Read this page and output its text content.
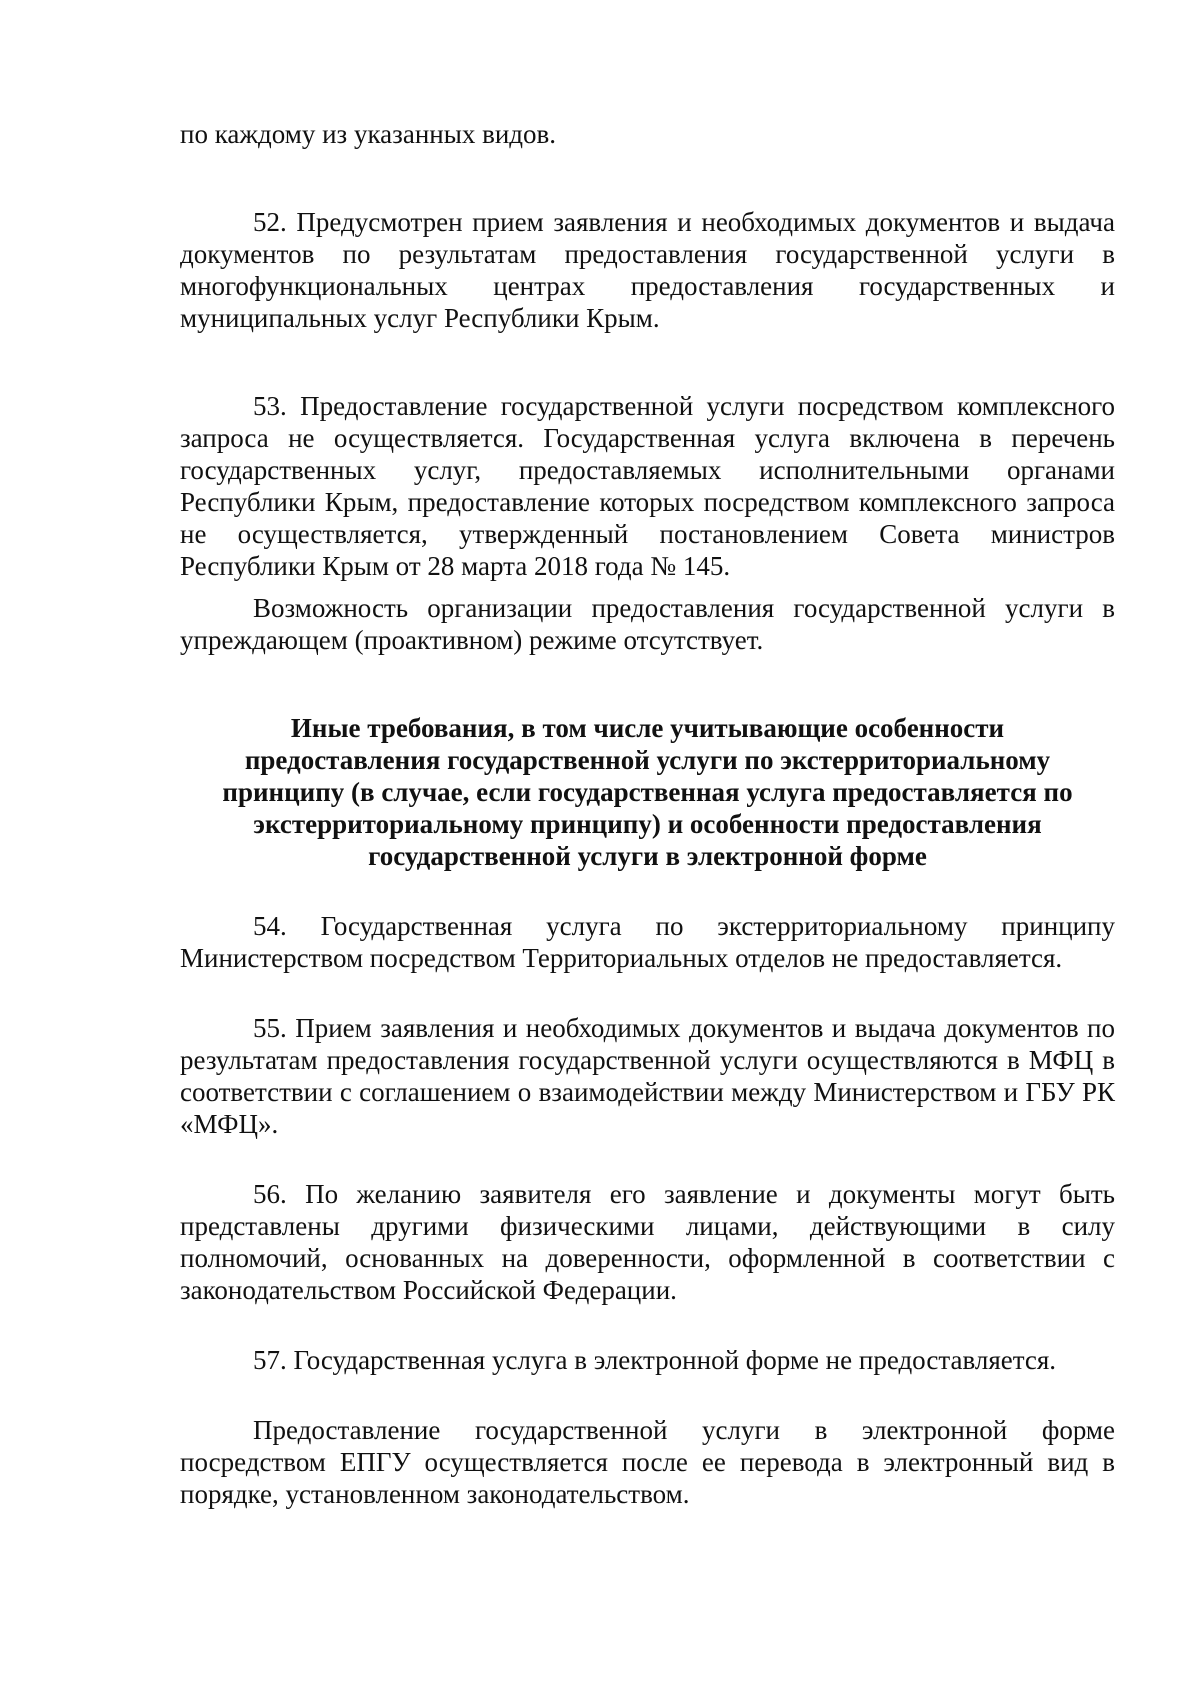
по каждому из указанных видов.

52. Предусмотрен прием заявления и необходимых документов и выдача документов по результатам предоставления государственной услуги в многофункциональных центрах предоставления государственных и муниципальных услуг Республики Крым.

53. Предоставление государственной услуги посредством комплексного запроса не осуществляется. Государственная услуга включена в перечень государственных услуг, предоставляемых исполнительными органами Республики Крым, предоставление которых посредством комплексного запроса не осуществляется, утвержденный постановлением Совета министров Республики Крым от 28 марта 2018 года № 145.

Возможность организации предоставления государственной услуги в упреждающем (проактивном) режиме отсутствует.

Иные требования, в том числе учитывающие особенности предоставления государственной услуги по экстерриториальному принципу (в случае, если государственная услуга предоставляется по экстерриториальному принципу) и особенности предоставления государственной услуги в электронной форме

54. Государственная услуга по экстерриториальному принципу Министерством посредством Территориальных отделов не предоставляется.

55. Прием заявления и необходимых документов и выдача документов по результатам предоставления государственной услуги осуществляются в МФЦ в соответствии с соглашением о взаимодействии между Министерством и ГБУ РК «МФЦ».

56. По желанию заявителя его заявление и документы могут быть представлены другими физическими лицами, действующими в силу полномочий, основанных на доверенности, оформленной в соответствии с законодательством Российской Федерации.

57. Государственная услуга в электронной форме не предоставляется.

Предоставление государственной услуги в электронной форме посредством ЕПГУ осуществляется после ее перевода в электронный вид в порядке, установленном законодательством.
